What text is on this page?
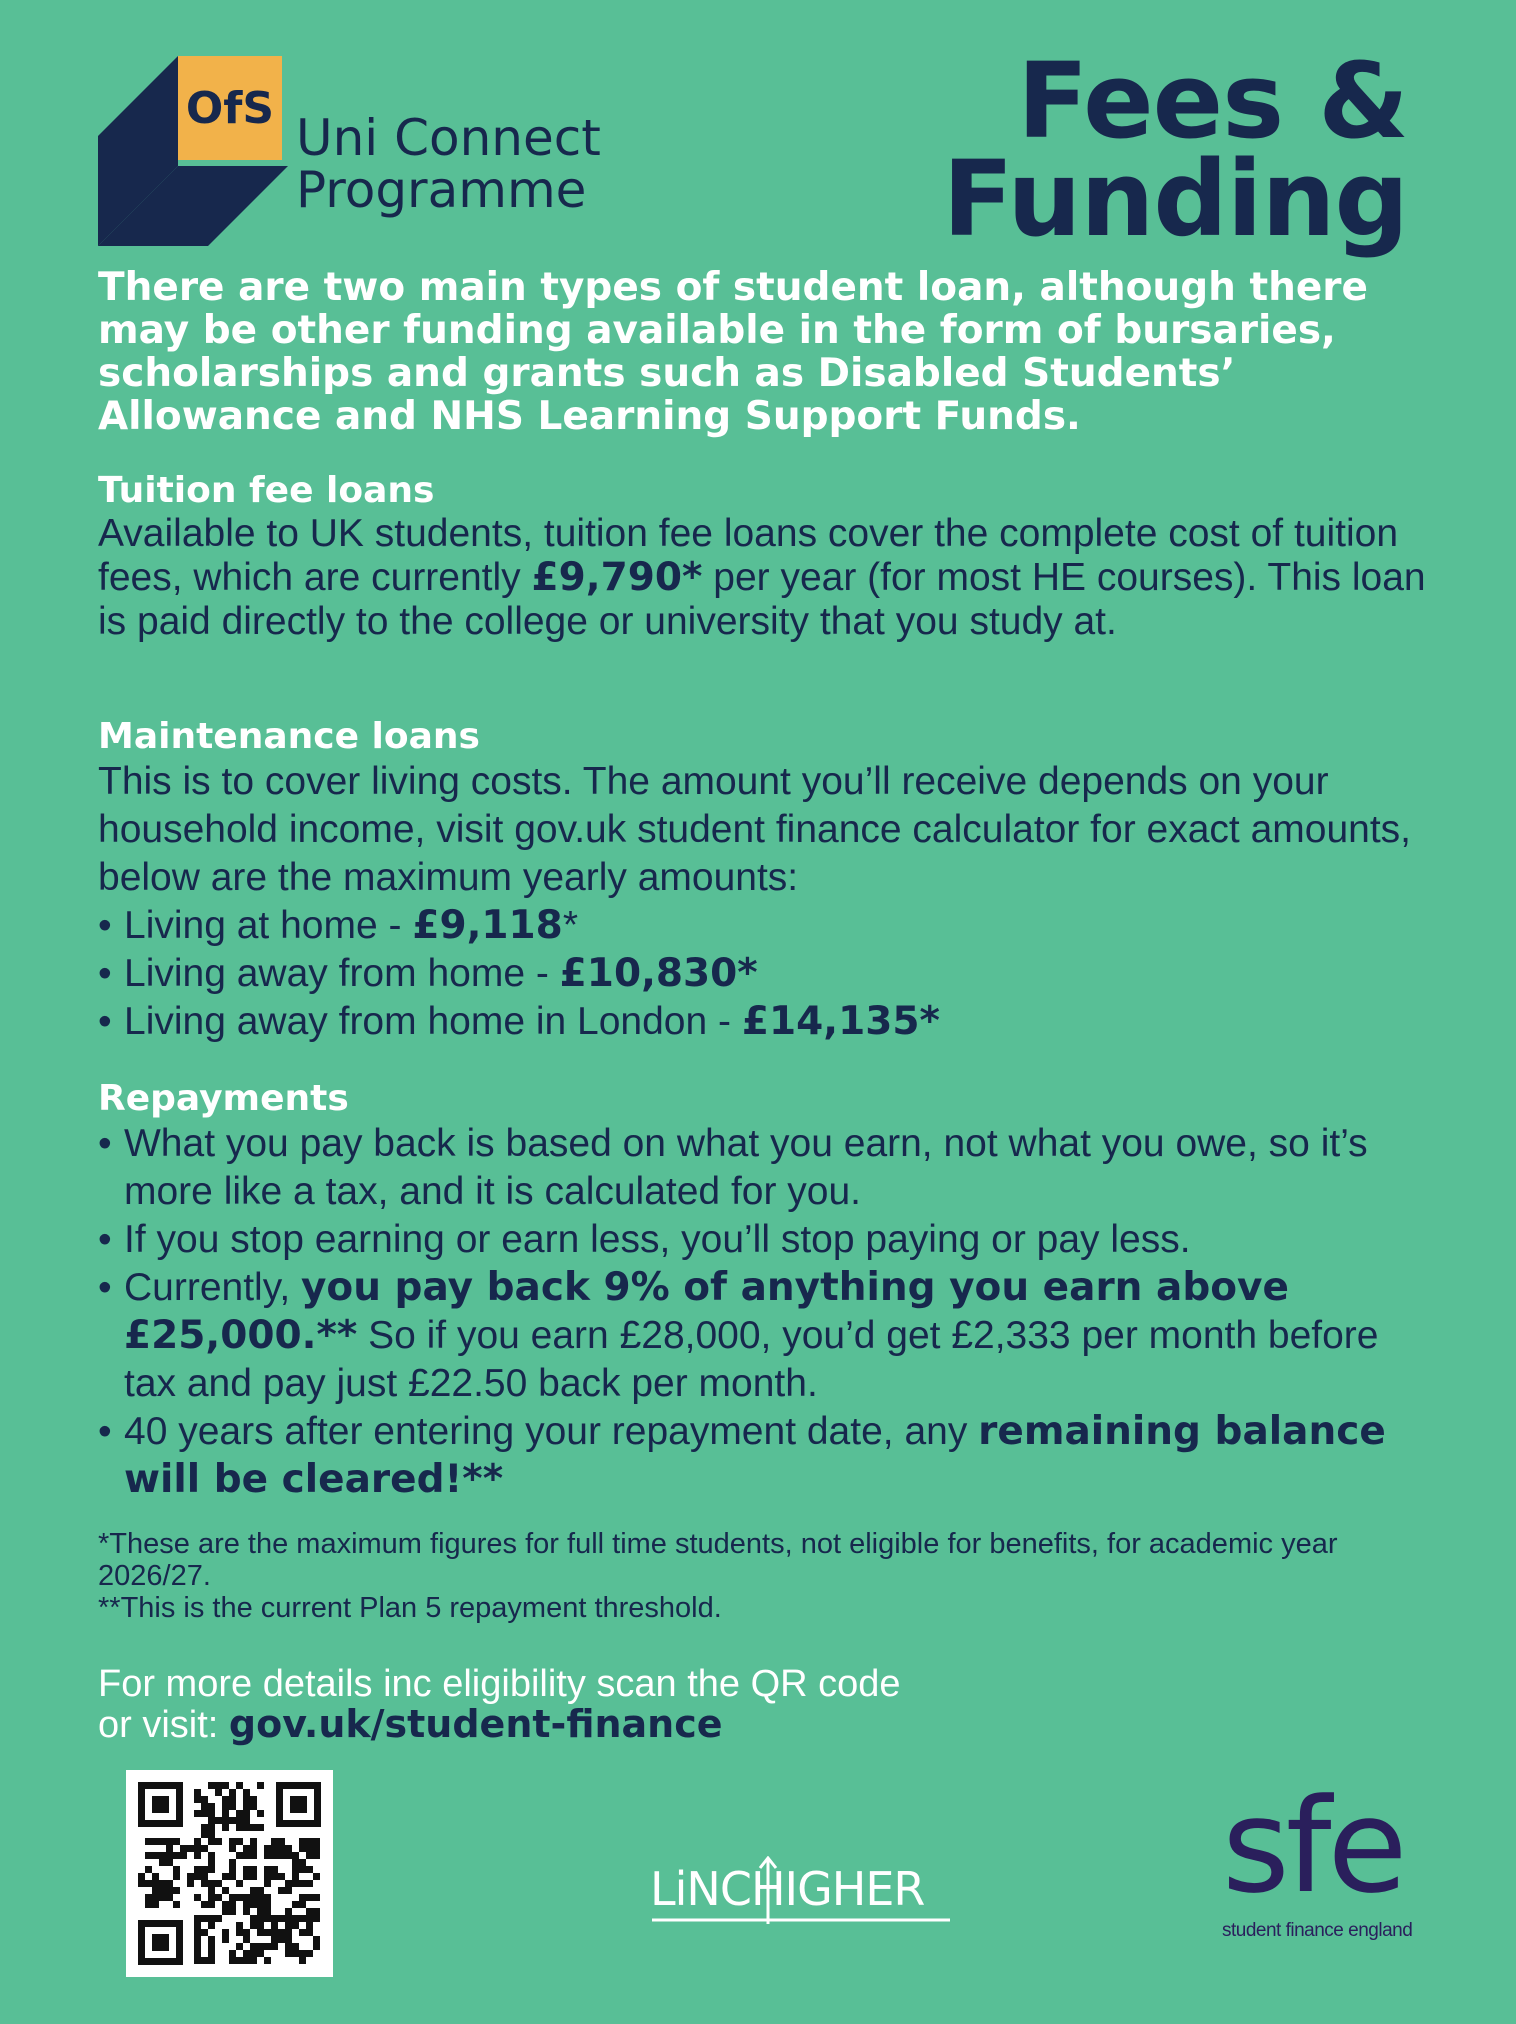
OfS
Uni Connect
Programme
Fees &
Funding
There are two main types of student loan, although there may be other funding available in the form of bursaries, scholarships and grants such as Disabled Students’ Allowance and NHS Learning Support Funds.
Tuition fee loans
Available to UK students, tuition fee loans cover the complete cost of tuition fees, which are currently £9,790* per year (for most HE courses). This loan is paid directly to the college or university that you study at.
Maintenance loans
This is to cover living costs. The amount you’ll receive depends on your household income, visit gov.uk student finance calculator for exact amounts, below are the maximum yearly amounts:
• Living at home - £9,118*
• Living away from home - £10,830*
• Living away from home in London - £14,135*
Repayments
• What you pay back is based on what you earn, not what you owe, so it’s more like a tax, and it is calculated for you.
• If you stop earning or earn less, you’ll stop paying or pay less.
• Currently, you pay back 9% of anything you earn above £25,000.** So if you earn £28,000, you’d get £2,333 per month before tax and pay just £22.50 back per month.
• 40 years after entering your repayment date, any remaining balance will be cleared!**
*These are the maximum figures for full time students, not eligible for benefits, for academic year 2026/27.
**This is the current Plan 5 repayment threshold.
For more details inc eligibility scan the QR code
or visit: gov.uk/student-finance
LiNCHIGHER sfe
student finance england
